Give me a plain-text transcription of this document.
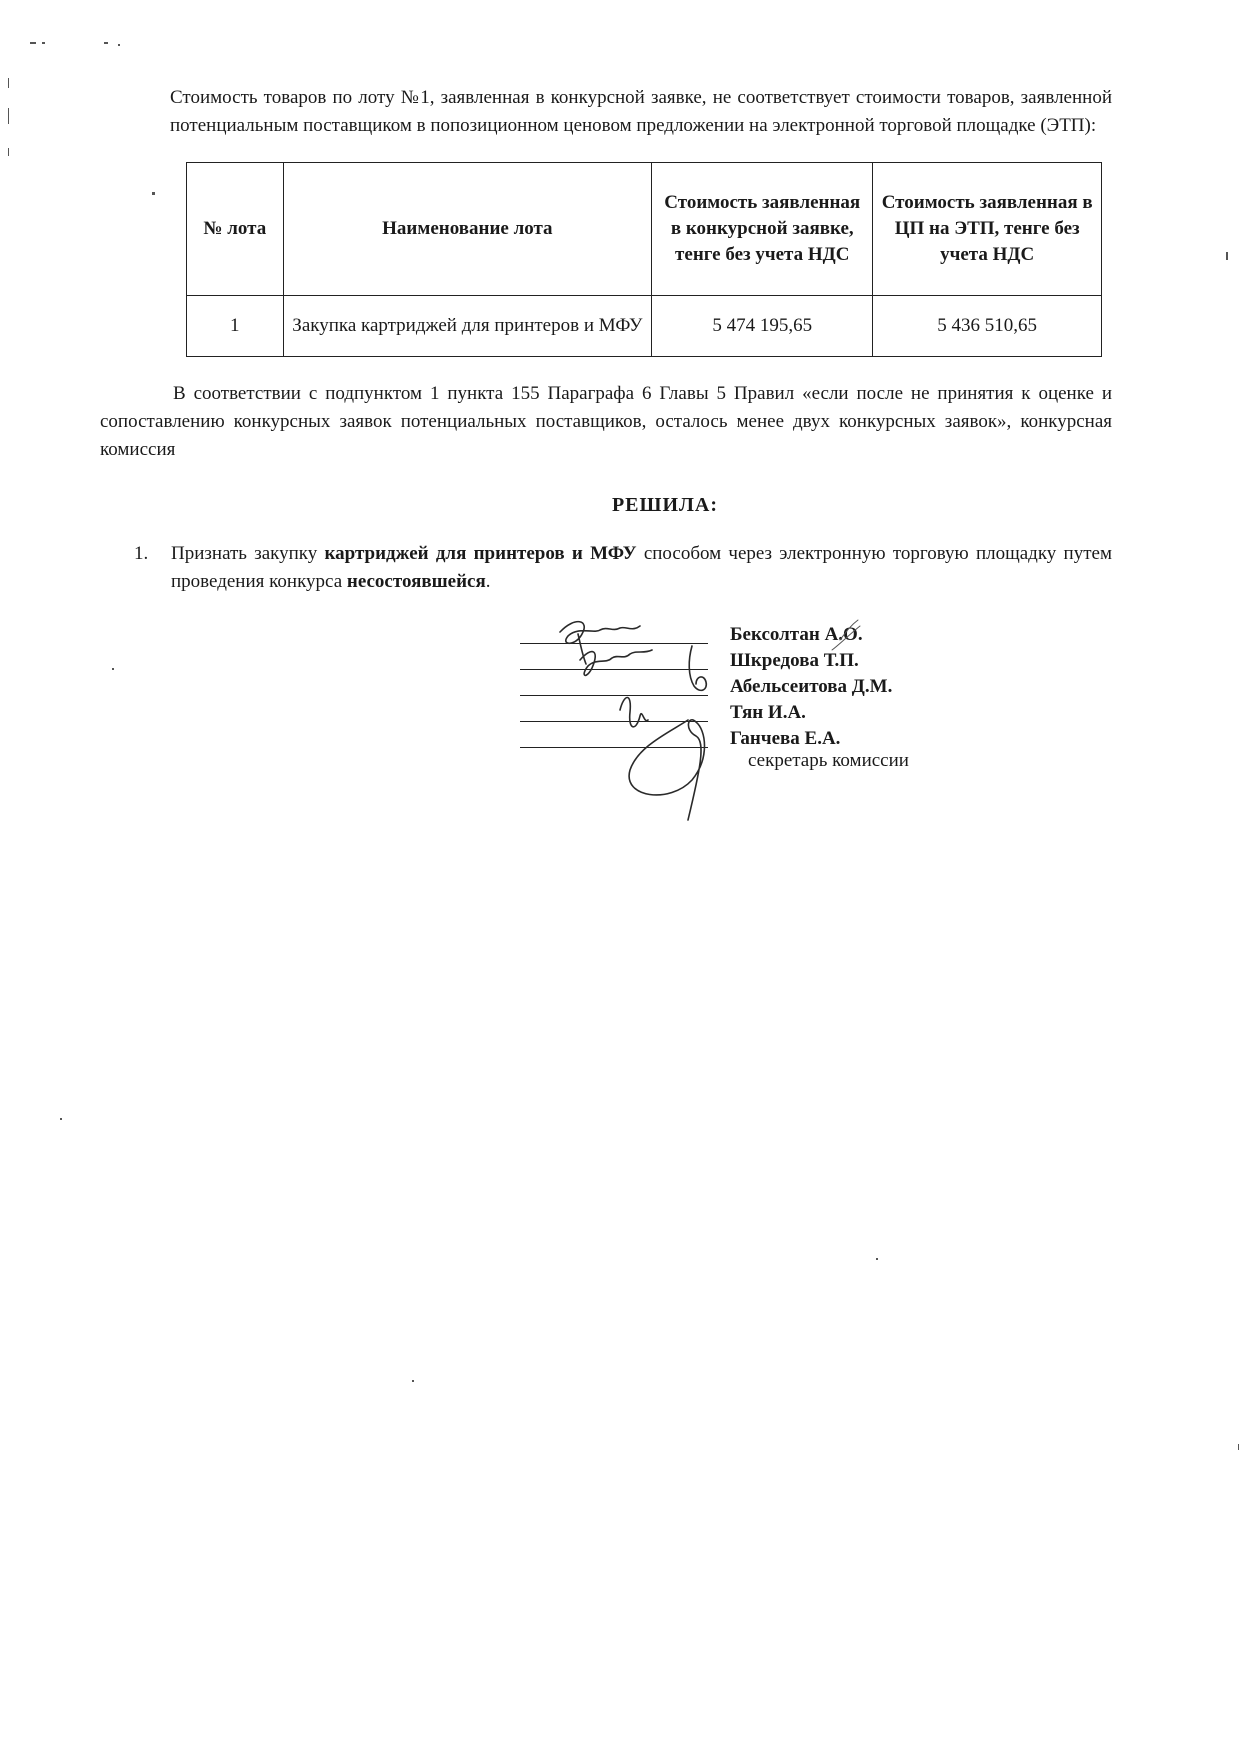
Стоимость товаров по лоту №1, заявленная в конкурсной заявке, не соответствует стоимости товаров, заявленной потенциальным поставщиком в попозиционном ценовом предложении на электронной торговой площадке (ЭТП):

№ лота	Наименование лота	Стоимость заявленная в конкурсной заявке, тенге без учета НДС	Стоимость заявленная в ЦП на ЭТП, тенге без учета НДС
1	Закупка картриджей для принтеров и МФУ	5 474 195,65	5 436 510,65

В соответствии с подпунктом 1 пункта 155 Параграфа 6 Главы 5 Правил «если после не принятия к оценке и сопоставлению конкурсных заявок потенциальных поставщиков, осталось менее двух конкурсных заявок», конкурсная комиссия

РЕШИЛА:
1. Признать закупку картриджей для принтеров и МФУ способом через электронную торговую площадку путем проведения конкурса несостоявшейся.
Бексолтан А.О.
Шкредова Т.П.
Абельсеитова Д.М.
Тян И.А.
Ганчева Е.А.
секретарь комиссии
